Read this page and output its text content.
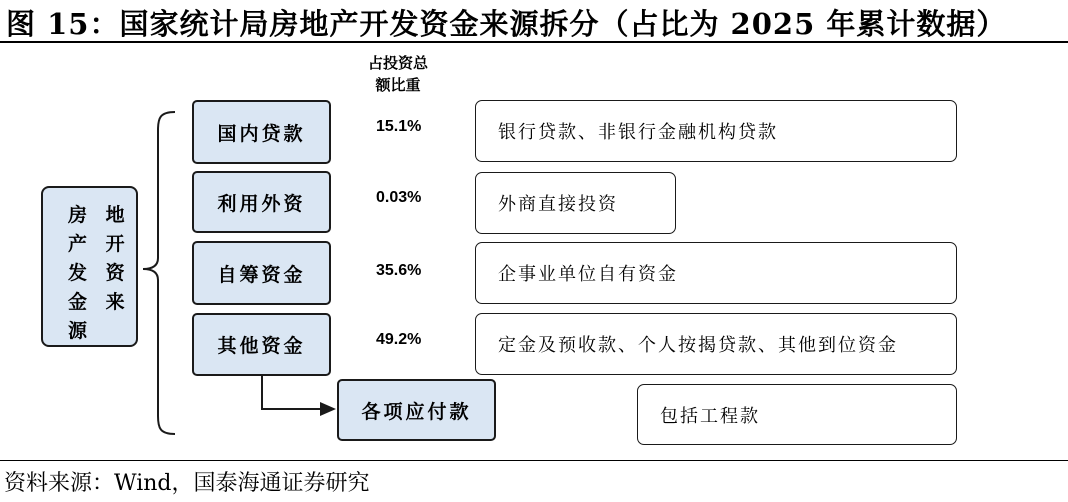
图 15：国家统计局房地产开发资金来源拆分（占比为 2025 年累计数据）
占投资总
额比重
房 地
产 开
发 资
金 来
源
国内贷款	15.1%	银行贷款、非银行金融机构贷款
利用外资	0.03%	外商直接投资
自筹资金	35.6%	企事业单位自有资金
其他资金	49.2%	定金及预收款、个人按揭贷款、其他到位资金
各项应付款	包括工程款
资料来源：Wind，国泰海通证券研究
